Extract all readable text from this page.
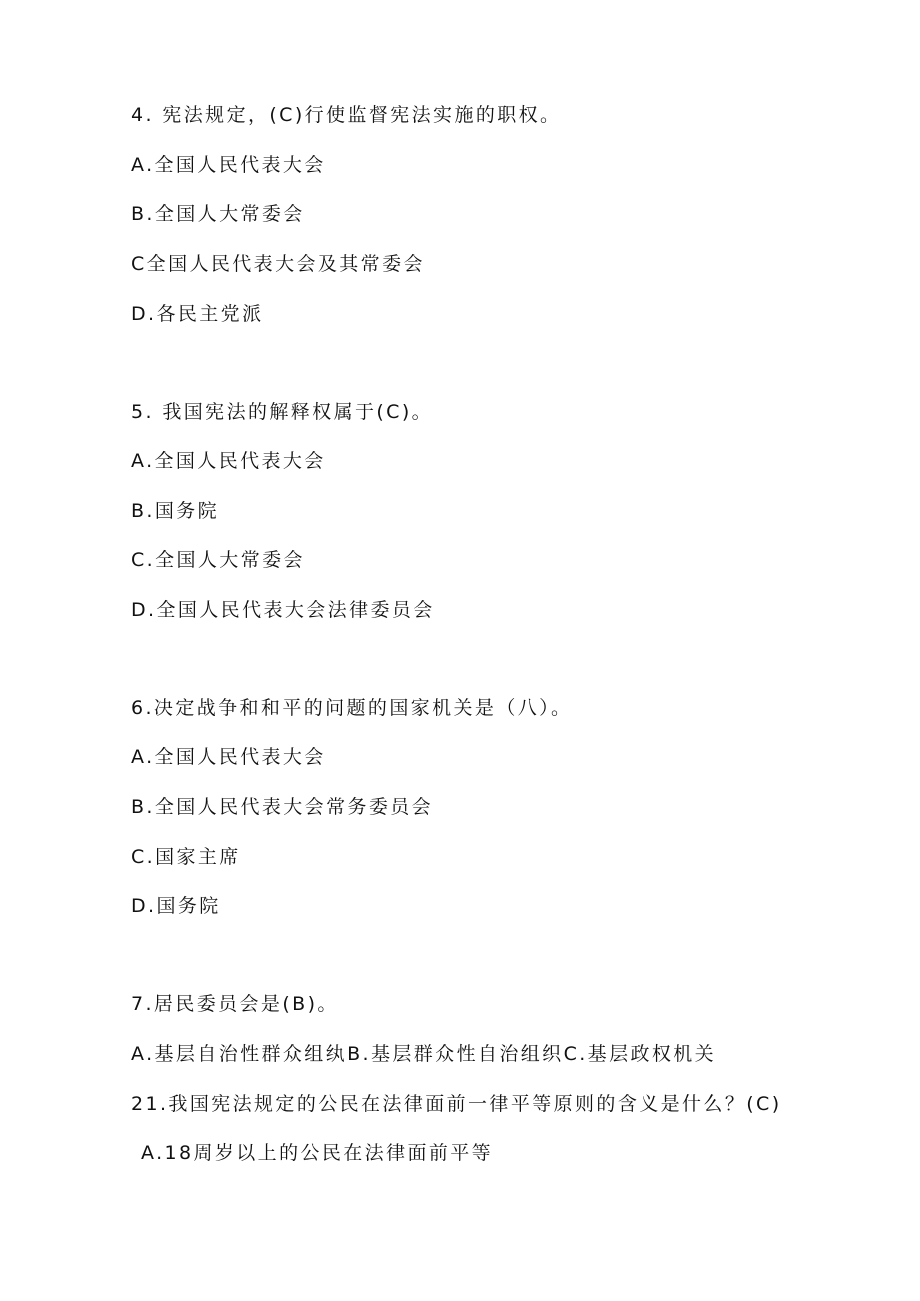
4. 宪法规定，(C)行使监督宪法实施的职权。
A.全国人民代表大会
B.全国人大常委会
C全国人民代表大会及其常委会
D.各民主党派
5. 我国宪法的解释权属于(C)。
A.全国人民代表大会
B.国务院
C.全国人大常委会
D.全国人民代表大会法律委员会
6.决定战争和和平的问题的国家机关是（八）。
A.全国人民代表大会
B.全国人民代表大会常务委员会
C.国家主席
D.国务院
7.居民委员会是(B)。
A.基层自治性群众组纨B.基层群众性自治组织C.基层政权机关
21.我国宪法规定的公民在法律面前一律平等原则的含义是什么？(C)
A.18周岁以上的公民在法律面前平等
